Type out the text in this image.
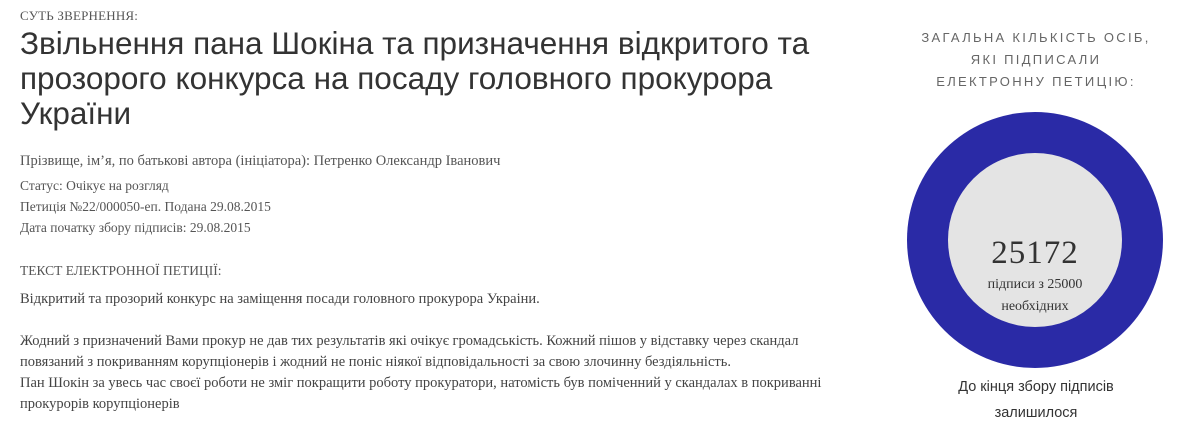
СУТЬ ЗВЕРНЕННЯ:
Звільнення пана Шокіна та призначення відкритого та прозорого конкурса на посаду головного прокурора України
Прізвище, ім’я, по батькові автора (ініціатора): Петренко Олександр Іванович
Статус: Очікує на розгляд
Петиція №22/000050-еп. Подана 29.08.2015
Дата початку збору підписів: 29.08.2015
ТЕКСТ ЕЛЕКТРОННОЇ ПЕТИЦІЇ:

Відкритий та прозорий конкурс на заміщення посади головного прокурора Украіни.

Жодний з призначений Вами прокур не дав тих результатів які очікує громадськість. Кожний пішов у відставку через скандал

повязаний з покриванням корупціонерів і жодний не поніс ніякої відповідальності за свою злочинну бездіяльність.

Пан Шокін за увесь час своєї роботи не зміг покращити роботу прокуратори, натомість був поміченний у скандалах в покриванні

прокурорів корупціонерів

ЗАГАЛЬНА КІЛЬКІСТЬ ОСІБ,
ЯКІ ПІДПИСАЛИ
ЕЛЕКТРОННУ ПЕТИЦІЮ:
25172
підписи з 25000
необхідних
До кінця збору підписів
залишилося
